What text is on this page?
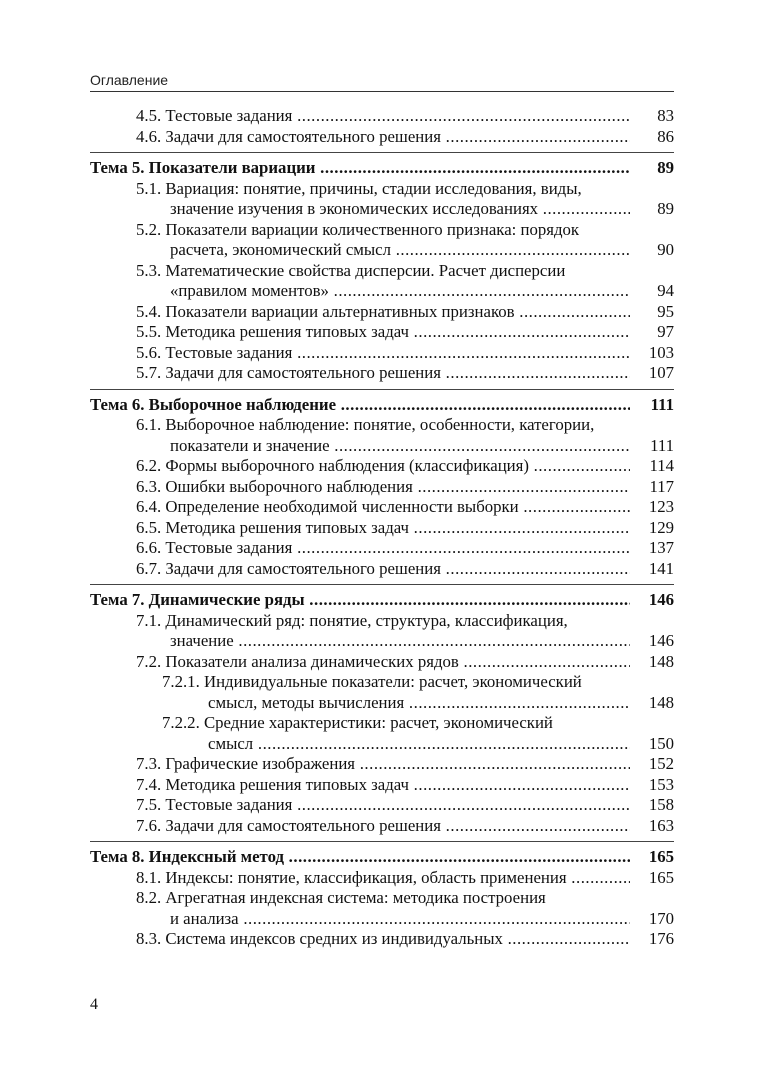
Оглавление
4.5. Тестовые задания .....	83
4.6. Задачи для самостоятельного решения .....	86
Тема 5. Показатели вариации .....	89
5.1. Вариация: понятие, причины, стадии исследования, виды,
значение изучения в экономических исследованиях .....	89
5.2. Показатели вариации количественного признака: порядок
расчета, экономический смысл .....	90
5.3. Математические свойства дисперсии. Расчет дисперсии
«правилом моментов» .....	94
5.4. Показатели вариации альтернативных признаков .....	95
5.5. Методика решения типовых задач .....	97
5.6. Тестовые задания .....	103
5.7. Задачи для самостоятельного решения .....	107
Тема 6. Выборочное наблюдение .....	111
6.1. Выборочное наблюдение: понятие, особенности, категории,
показатели и значение .....	111
6.2. Формы выборочного наблюдения (классификация) .....	114
6.3. Ошибки выборочного наблюдения .....	117
6.4. Определение необходимой численности выборки .....	123
6.5. Методика решения типовых задач .....	129
6.6. Тестовые задания .....	137
6.7. Задачи для самостоятельного решения .....	141
Тема 7. Динамические ряды .....	146
7.1. Динамический ряд: понятие, структура, классификация,
значение .....	146
7.2. Показатели анализа динамических рядов .....	148
7.2.1. Индивидуальные показатели: расчет, экономический
смысл, методы вычисления .....	148
7.2.2. Средние характеристики: расчет, экономический
смысл .....	150
7.3. Графические изображения .....	152
7.4. Методика решения типовых задач .....	153
7.5. Тестовые задания .....	158
7.6. Задачи для самостоятельного решения .....	163
Тема 8. Индексный метод .....	165
8.1. Индексы: понятие, классификация, область применения .....	165
8.2. Агрегатная индексная система: методика построения
и анализа .....	170
8.3. Система индексов средних из индивидуальных .....	176
4
